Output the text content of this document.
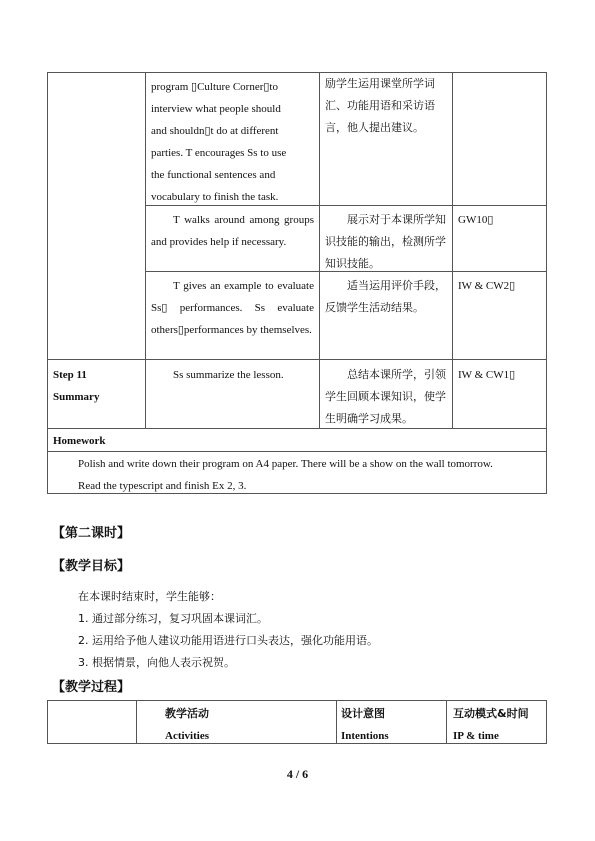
program ▯Culture Corner▯to
interview what people should
and shouldn▯t do at different
parties. T encourages Ss to use
the functional sentences and
vocabulary to finish the task.
励学生运用课堂所学词汇、功能用语和采访语言，他人提出建议。
T walks around among groups and provides help if necessary.
展示对于本课所学知识技能的输出，检测所学知识技能。
GW10▯
T gives an example to evaluate Ss▯ performances. Ss evaluate others▯performances by themselves.
适当运用评价手段，反馈学生活动结果。
IW & CW2▯
Step 11
Summary
Ss summarize the lesson.	总结本课所学，引领学生回顾本课知识，使学生明确学习成果。
IW & CW1▯
Homework
Polish and write down their program on A4 paper. There will be a show on the wall tomorrow.
Read the typescript and finish Ex 2, 3.
【第二课时】
【教学目标】
在本课时结束时，学生能够：
1. 通过部分练习，复习巩固本课词汇。
2. 运用给予他人建议功能用语进行口头表达，强化功能用语。
3. 根据情景，向他人表示祝贺。
【教学过程】
教学活动
Activities
设计意图
Intentions
互动模式&时间
IP & time
4 / 6
